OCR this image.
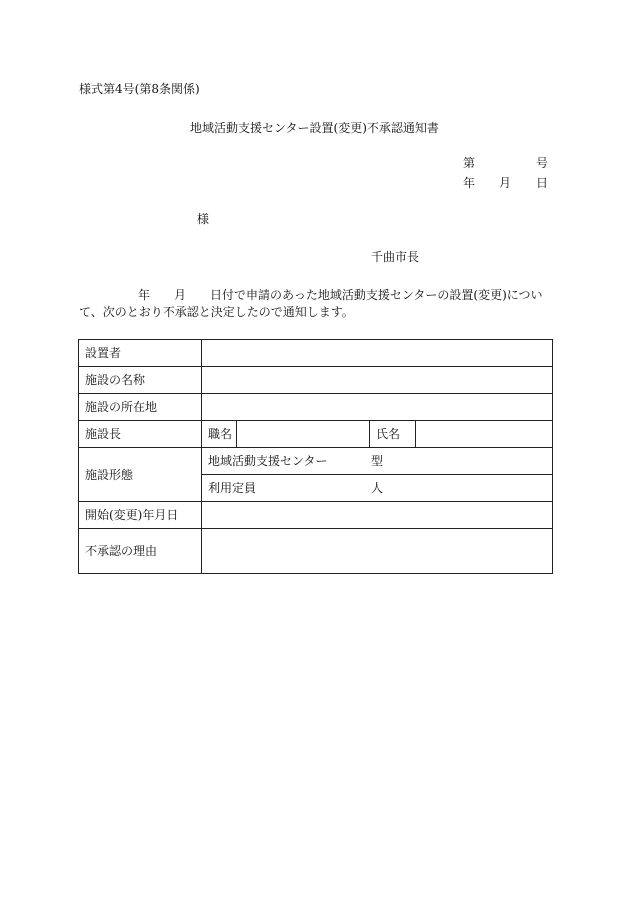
様式第4号(第8条関係)
地域活動支援センター設置(変更)不承認通知書
第	号
年 月 日
様
千曲市長
年 月 日付で申請のあった地域活動支援センターの設置(変更)につい
て、次のとおり不承認と決定したので通知します。
設置者				
施設の名称				
施設の所在地				
施設長	職名		氏名	
施設形態	地域活動支援センター 型			

	利用定員 人			

開始(変更)年月日				
不承認の理由				
